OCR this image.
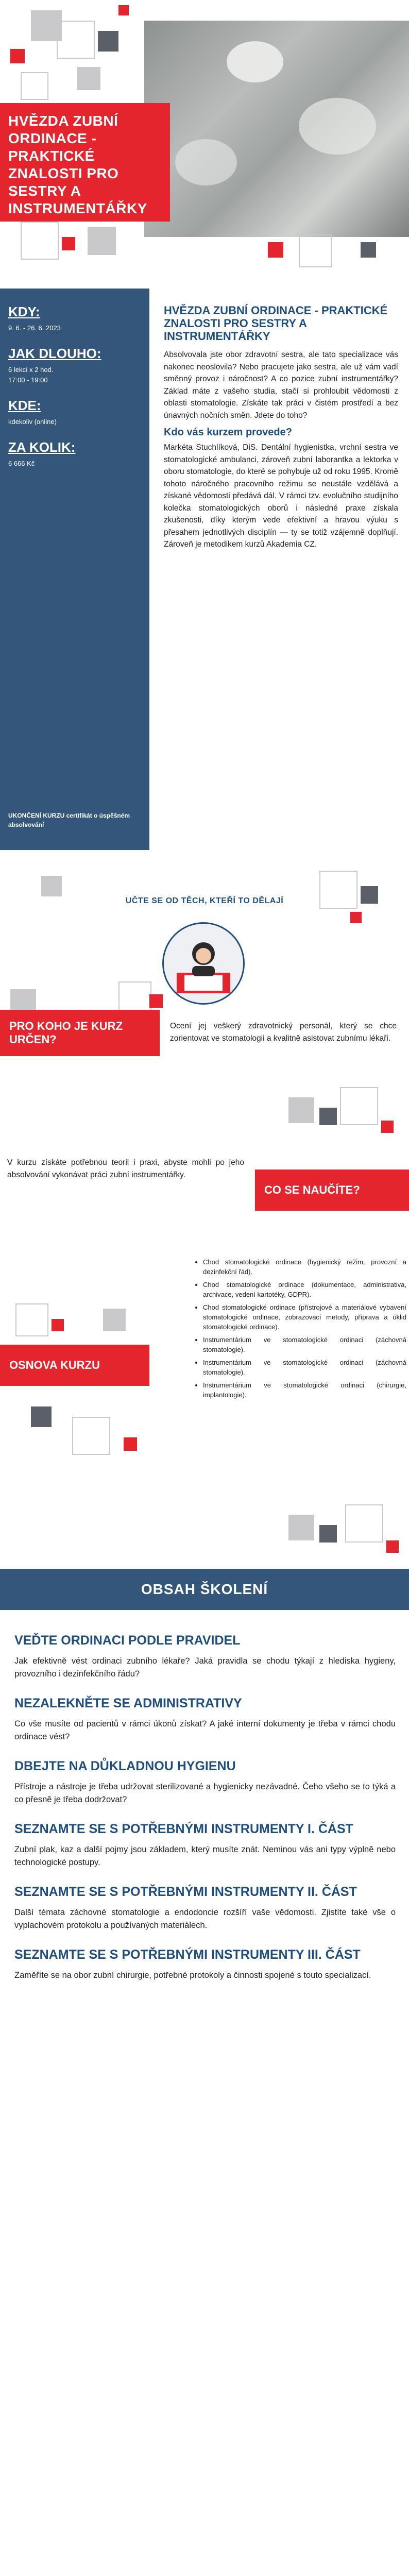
HVĚZDA ZUBNÍ ORDINACE - PRAKTICKÉ ZNALOSTI PRO SESTRY A INSTRUMENTÁŘKY
KDY:
9. 6. - 26. 6. 2023
JAK DLOUHO:
6 lekcí x 2 hod.
17:00 - 19:00
KDE:
kdekoliv (online)
ZA KOLIK:
6 666 Kč
UKONČENÍ KURZU certifikát o úspěšném absolvování
HVĚZDA ZUBNÍ ORDINACE - PRAKTICKÉ ZNALOSTI PRO SESTRY A INSTRUMENTÁŘKY

Absolvovala jste obor zdravotní sestra, ale tato specializace vás nakonec neoslovila? Nebo pracujete jako sestra, ale už vám vadí směnný provoz i náročnost? A co pozice zubní instrumentářky? Základ máte z vašeho studia, stačí si prohloubit vědomosti z oblasti stomatologie. Získáte tak práci v čistém prostředí a bez únavných nočních směn. Jdete do toho?

Kdo vás kurzem provede?

Markéta Stuchlíková, DiS. Dentální hygienistka, vrchní sestra ve stomatologické ambulanci, zároveň zubní laborantka a lektorka v oboru stomatologie, do které se pohybuje už od roku 1995. Kromě tohoto náročného pracovního režimu se neustále vzdělává a získané vědomosti předává dál. V rámci tzv. evolučního studijního kolečka stomatologických oborů i následné praxe získala zkušenosti, díky kterým vede efektivní a hravou výuku s přesahem jednotlivých disciplín — ty se totiž vzájemně doplňují. Zároveň je metodikem kurzů Akademia CZ.

UČTE SE OD TĚCH, KTEŘÍ TO DĚLAJÍ
PRO KOHO JE KURZ URČEN?
Ocení jej veškerý zdravotnický personál, který se chce zorientovat ve stomatologii a kvalitně asistovat zubnímu lékaři.
V kurzu získáte potřebnou teorii i praxi, abyste mohli po jeho absolvování vykonávat práci zubní instrumentářky.
CO SE NAUČÍTE?
OSNOVA KURZU
• Chod stomatologické ordinace (hygienický režim, provozní a dezinfekční řád).
• Chod stomatologické ordinace (dokumentace, administrativa, archivace, vedení kartotéky, GDPR).
• Chod stomatologické ordinace (přístrojové a materiálové vybavení stomatologické ordinace, zobrazovací metody, příprava a úklid stomatologické ordinace).
• Instrumentárium ve stomatologické ordinaci (záchovná stomatologie).
• Instrumentárium ve stomatologické ordinaci (záchovná stomatologie).
• Instrumentárium ve stomatologické ordinaci (chirurgie, implantologie).
OBSAH ŠKOLENÍ
VEĎTE ORDINACI PODLE PRAVIDEL

Jak efektivně vést ordinaci zubního lékaře? Jaká pravidla se chodu týkají z hlediska hygieny, provozního i dezinfekčního řádu?

NEZALEKNĚTE SE ADMINISTRATIVY

Co vše musíte od pacientů v rámci úkonů získat? A jaké interní dokumenty je třeba v rámci chodu ordinace vést?

DBEJTE NA DŮKLADNOU HYGIENU

Přístroje a nástroje je třeba udržovat sterilizované a hygienicky nezávadné. Čeho všeho se to týká a co přesně je třeba dodržovat?

SEZNAMTE SE S POTŘEBNÝMI INSTRUMENTY I. ČÁST

Zubní plak, kaz a další pojmy jsou základem, který musíte znát. Neminou vás ani typy výplně nebo technologické postupy.

SEZNAMTE SE S POTŘEBNÝMI INSTRUMENTY II. ČÁST

Další témata záchovné stomatologie a endodoncie rozšíří vaše vědomosti. Zjistíte také vše o vyplachovém protokolu a používaných materiálech.

SEZNAMTE SE S POTŘEBNÝMI INSTRUMENTY III. ČÁST

Zaměříte se na obor zubní chirurgie, potřebné protokoly a činnosti spojené s touto specializací.
